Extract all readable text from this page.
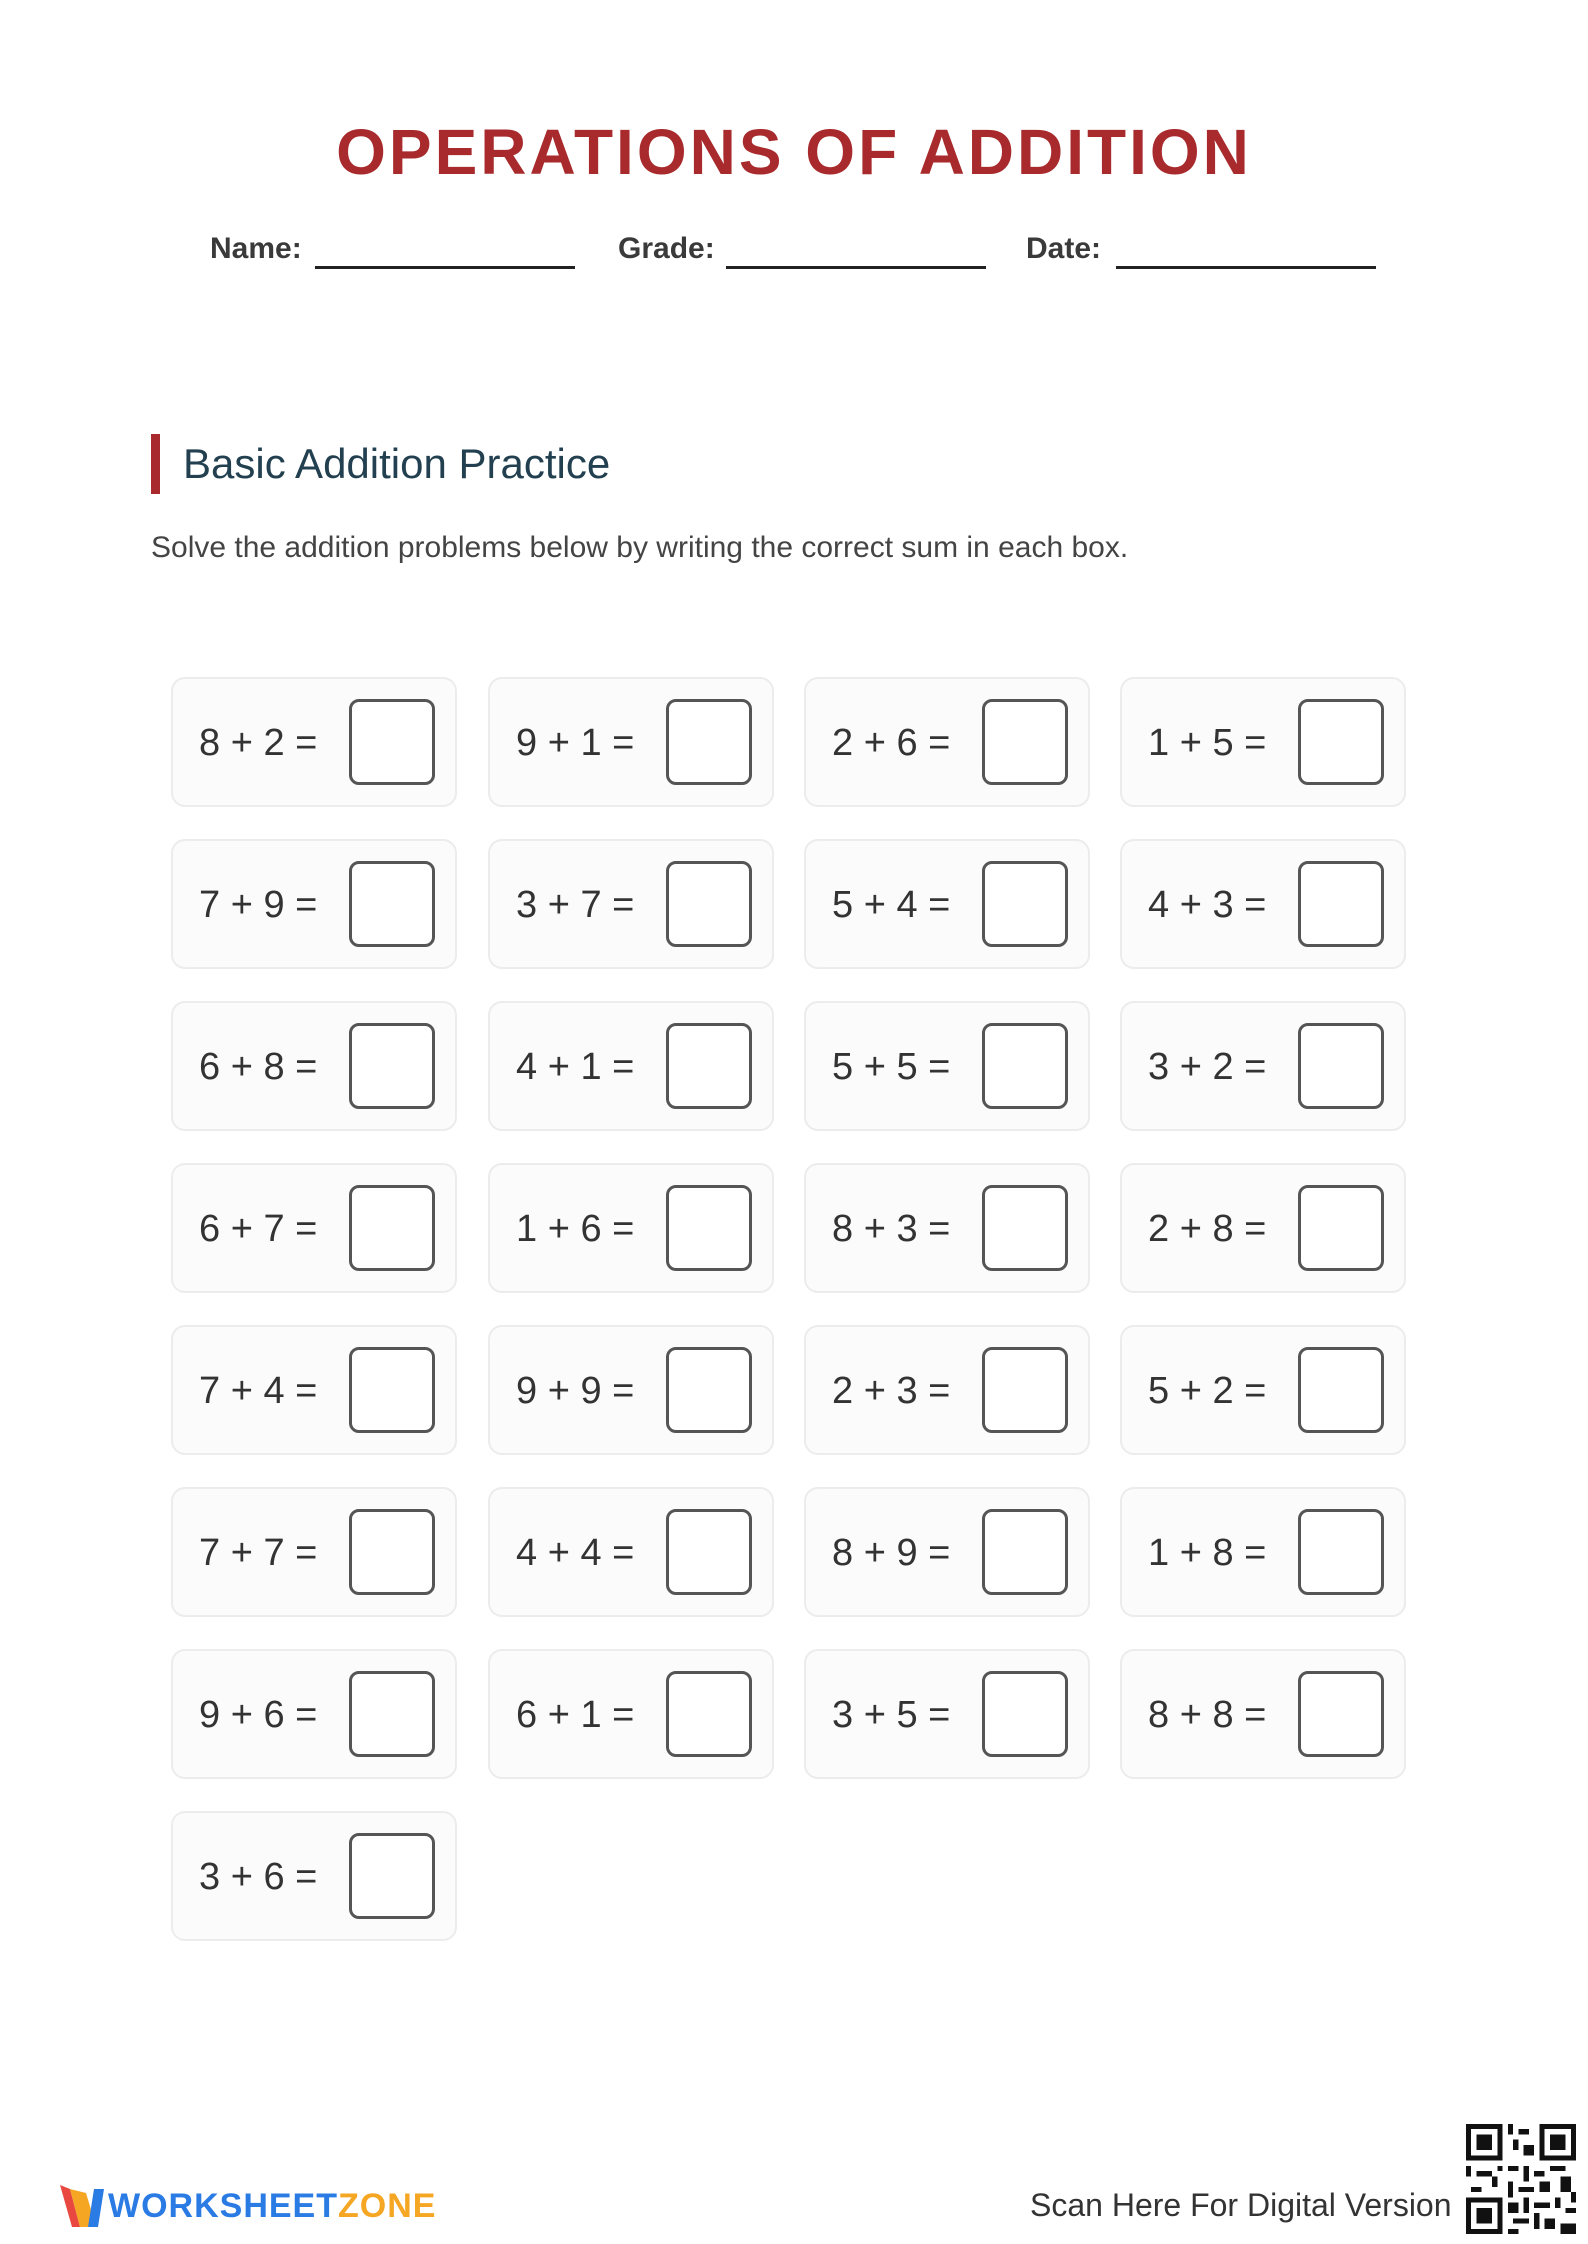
OPERATIONS OF ADDITION
Name:	Grade:	Date:
Basic Addition Practice
Solve the addition problems below by writing the correct sum in each box.
8 + 2 =	9 + 1 =	2 + 6 =	1 + 5 =
7 + 9 =	3 + 7 =	5 + 4 =	4 + 3 =
6 + 8 =	4 + 1 =	5 + 5 =	3 + 2 =
6 + 7 =	1 + 6 =	8 + 3 =	2 + 8 =
7 + 4 =	9 + 9 =	2 + 3 =	5 + 2 =
7 + 7 =	4 + 4 =	8 + 9 =	1 + 8 =
9 + 6 =	6 + 1 =	3 + 5 =	8 + 8 =
3 + 6 =
WORKSHEETZONE	Scan Here For Digital Version
